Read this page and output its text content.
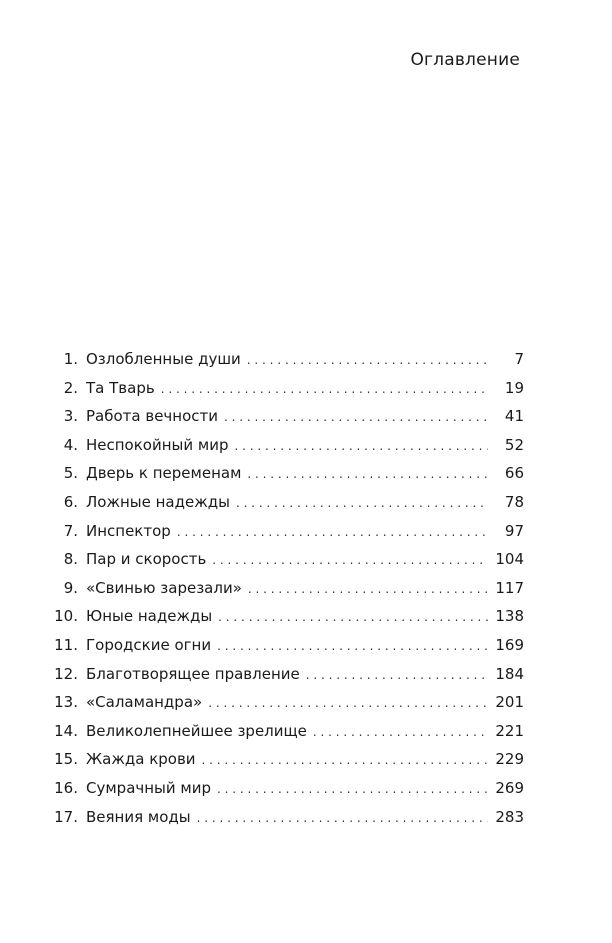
Оглавление
1. Озлобленные души . . .	7
2. Та Тварь . . .	19
3. Работа вечности . . .	41
4. Неспокойный мир . . .	52
5. Дверь к переменам . . .	66
6. Ложные надежды . . .	78
7. Инспектор . . .	97
8. Пар и скорость . . .	104
9. «Свинью зарезали» . . .	117
10. Юные надежды . . .	138
11. Городские огни . . .	169
12. Благотворящее правление . . .	184
13. «Саламандра» . . .	201
14. Великолепнейшее зрелище . . .	221
15. Жажда крови . . .	229
16. Сумрачный мир . . .	269
17. Веяния моды . . .	283
